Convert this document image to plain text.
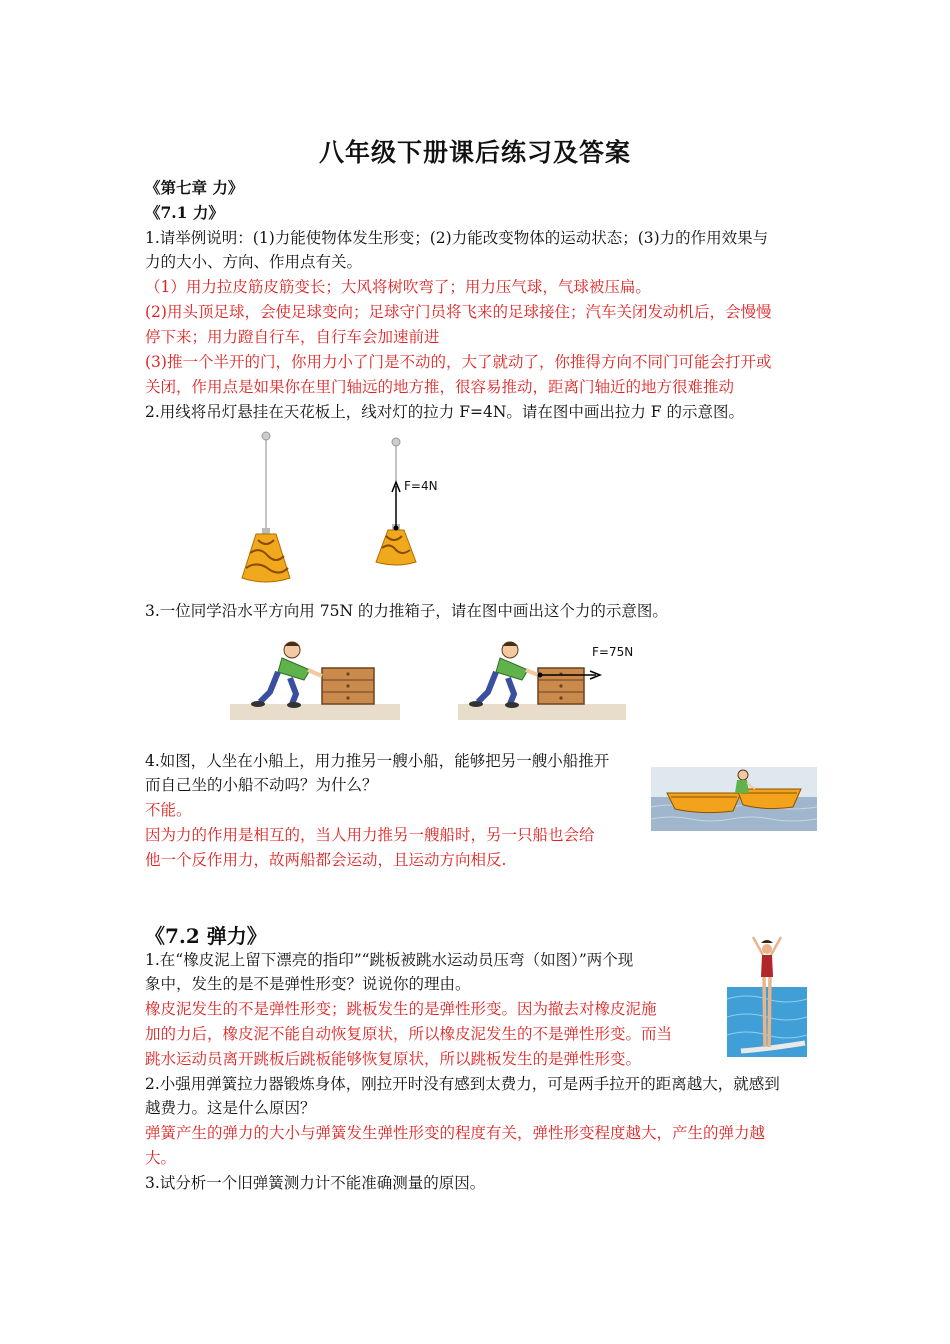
八年级下册课后练习及答案
《第七章 力》
《7.1 力》
1.请举例说明：(1)力能使物体发生形变；(2)力能改变物体的运动状态；(3)力的作用效果与
力的大小、方向、作用点有关。
（1）用力拉皮筋皮筋变长；大风将树吹弯了；用力压气球，气球被压扁。
(2)用头顶足球，会使足球变向；足球守门员将飞来的足球接住；汽车关闭发动机后，会慢慢
停下来；用力蹬自行车，自行车会加速前进
(3)推一个半开的门，你用力小了门是不动的，大了就动了，你推得方向不同门可能会打开或
关闭，作用点是如果你在里门轴远的地方推，很容易推动，距离门轴近的地方很难推动
2.用线将吊灯悬挂在天花板上，线对灯的拉力 F=4N。请在图中画出拉力 F 的示意图。
F=4N
3.一位同学沿水平方向用 75N 的力推箱子，请在图中画出这个力的示意图。
F=75N
4.如图，人坐在小船上，用力推另一艘小船，能够把另一艘小船推开
而自己坐的小船不动吗？为什么？
不能。
因为力的作用是相互的，当人用力推另一艘船时，另一只船也会给
他一个反作用力，故两船都会运动，且运动方向相反.
《7.2 弹力》
1.在“橡皮泥上留下漂亮的指印”“跳板被跳水运动员压弯（如图）”两个现
象中，发生的是不是弹性形变？说说你的理由。
橡皮泥发生的不是弹性形变；跳板发生的是弹性形变。因为撤去对橡皮泥施
加的力后，橡皮泥不能自动恢复原状，所以橡皮泥发生的不是弹性形变。而当
跳水运动员离开跳板后跳板能够恢复原状，所以跳板发生的是弹性形变。
2.小强用弹簧拉力器锻炼身体，刚拉开时没有感到太费力，可是两手拉开的距离越大，就感到
越费力。这是什么原因？
弹簧产生的弹力的大小与弹簧发生弹性形变的程度有关，弹性形变程度越大，产生的弹力越
大。
3.试分析一个旧弹簧测力计不能准确测量的原因。
